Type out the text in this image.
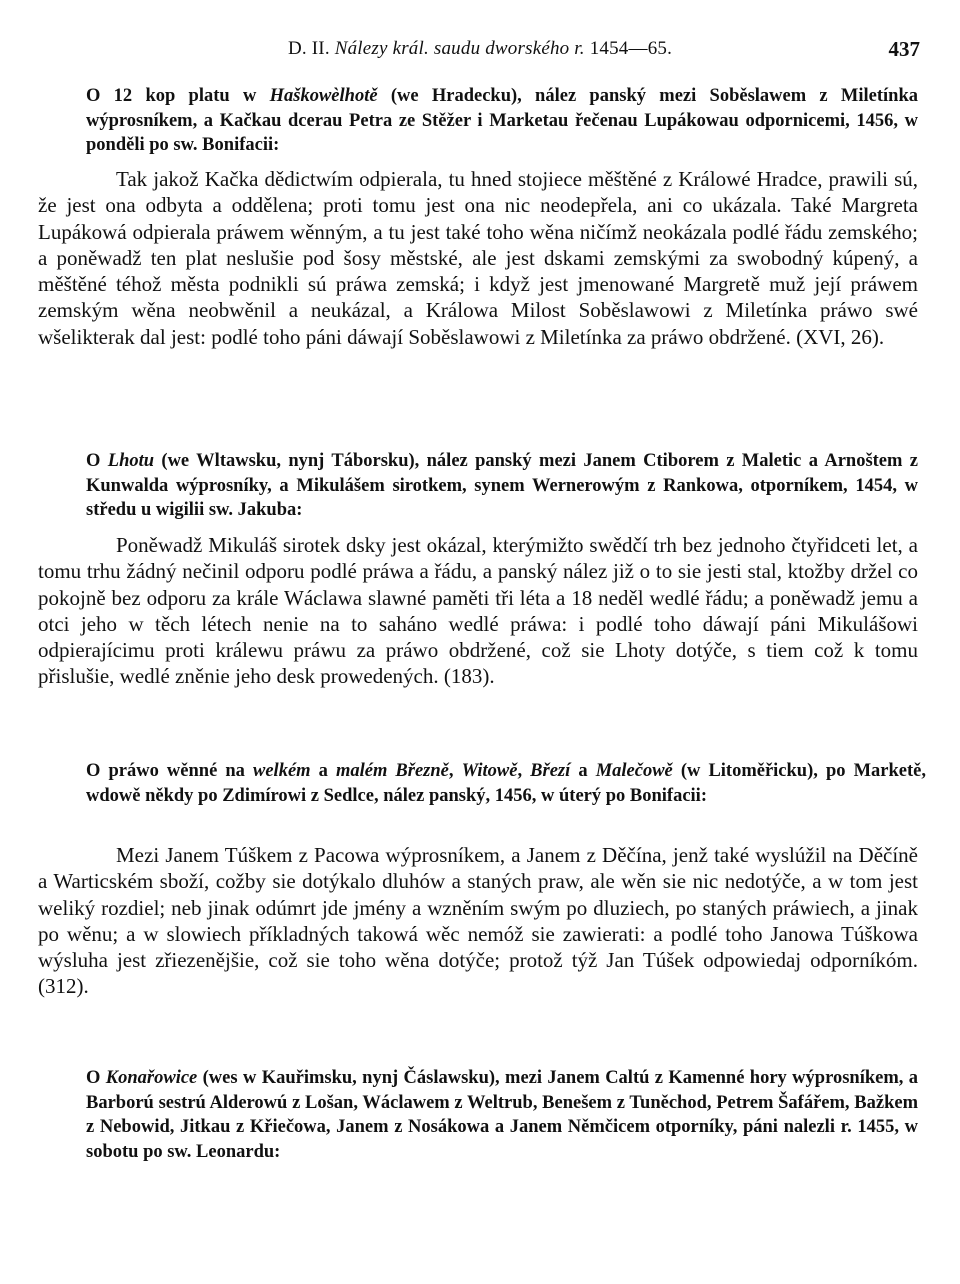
D. II. Nálezy král. saudu dworského r. 1454—65.	437
O 12 kop platu w Haškowèlhotě (we Hradecku), nález panský mezi Soběslawem z Miletínka wýprosníkem, a Kačkau dcerau Petra ze Stěžer i Marketau řečenau Lupákowau odpornicemi, 1456, w ponděli po sw. Bonifacii:
Tak jakož Kačka dědictwím odpierala, tu hned stojiece měštěné z Králowé Hradce, prawili sú, že jest ona odbyta a oddělena; proti tomu jest ona nic neodepřela, ani co ukázala. Také Margreta Lupákowá odpierala práwem wěnným, a tu jest také toho wěna ničímž neokázala podlé řádu zemského; a poněwadž ten plat neslušie pod šosy městské, ale jest dskami zemskými za swobodný kúpený, a měštěné téhož města podnikli sú práwa zemská; i když jest jmenowané Margretě muž její práwem zemským wěna neobwěnil a neukázal, a Králowa Milost Soběslawowi z Miletínka práwo swé wšelikterak dal jest: podlé toho páni dáwají Soběslawowi z Miletínka za práwo obdržené. (XVI, 26).
O Lhotu (we Wltawsku, nynj Táborsku), nález panský mezi Janem Ctiborem z Maletic a Arnoštem z Kunwalda wýprosníky, a Mikulášem sirotkem, synem Wernerowým z Rankowa, otporníkem, 1454, w středu u wigilii sw. Jakuba:
Poněwadž Mikuláš sirotek dsky jest okázal, kterýmižto swědčí trh bez jednoho čtyřidceti let, a tomu trhu žádný nečinil odporu podlé práwa a řádu, a panský nález již o to sie jesti stal, ktožby držel co pokojně bez odporu za krále Wáclawa slawné paměti tři léta a 18 neděl wedlé řádu; a poněwadž jemu a otci jeho w těch létech nenie na to saháno wedlé práwa: i podlé toho dáwají páni Mikulášowi odpierajícimu proti králewu práwu za práwo obdržené, což sie Lhoty dotýče, s tiem což k tomu přislušie, wedlé zněnie jeho desk prowedených. (183).
O práwo wěnné na welkém a malém Březně, Witowě, Březí a Malečowě (w Litoměřicku), po Marketě, wdowě někdy po Zdimírowi z Sedlce, nález panský, 1456, w úterý po Bonifacii:
Mezi Janem Túškem z Pacowa wýprosníkem, a Janem z Děčína, jenž také wyslúžil na Děčíně a Warticském sboží, cožby sie dotýkalo dluhów a staných praw, ale wěn sie nic nedotýče, a w tom jest weliký rozdiel; neb jinak odúmrt jde jmény a wzněním swým po dluziech, po staných práwiech, a jinak po wěnu; a w slowiech příkladných takowá wěc nemóž sie zawierati: a podlé toho Janowa Túškowa wýsluha jest zřiezenějšie, což sie toho wěna dotýče; protož týž Jan Túšek odpowiedaj odporníkóm. (312).
O Konařowice (wes w Kauřimsku, nynj Čáslawsku), mezi Janem Caltú z Kamenné hory wýprosníkem, a Barború sestrú Alderowú z Lošan, Wáclawem z Weltrub, Benešem z Tuněchod, Petrem Šafářem, Bažkem z Nebowid, Jitkau z Křiečowa, Janem z Nosákowa a Janem Němčicem otporníky, páni nalezli r. 1455, w sobotu po sw. Leonardu:
